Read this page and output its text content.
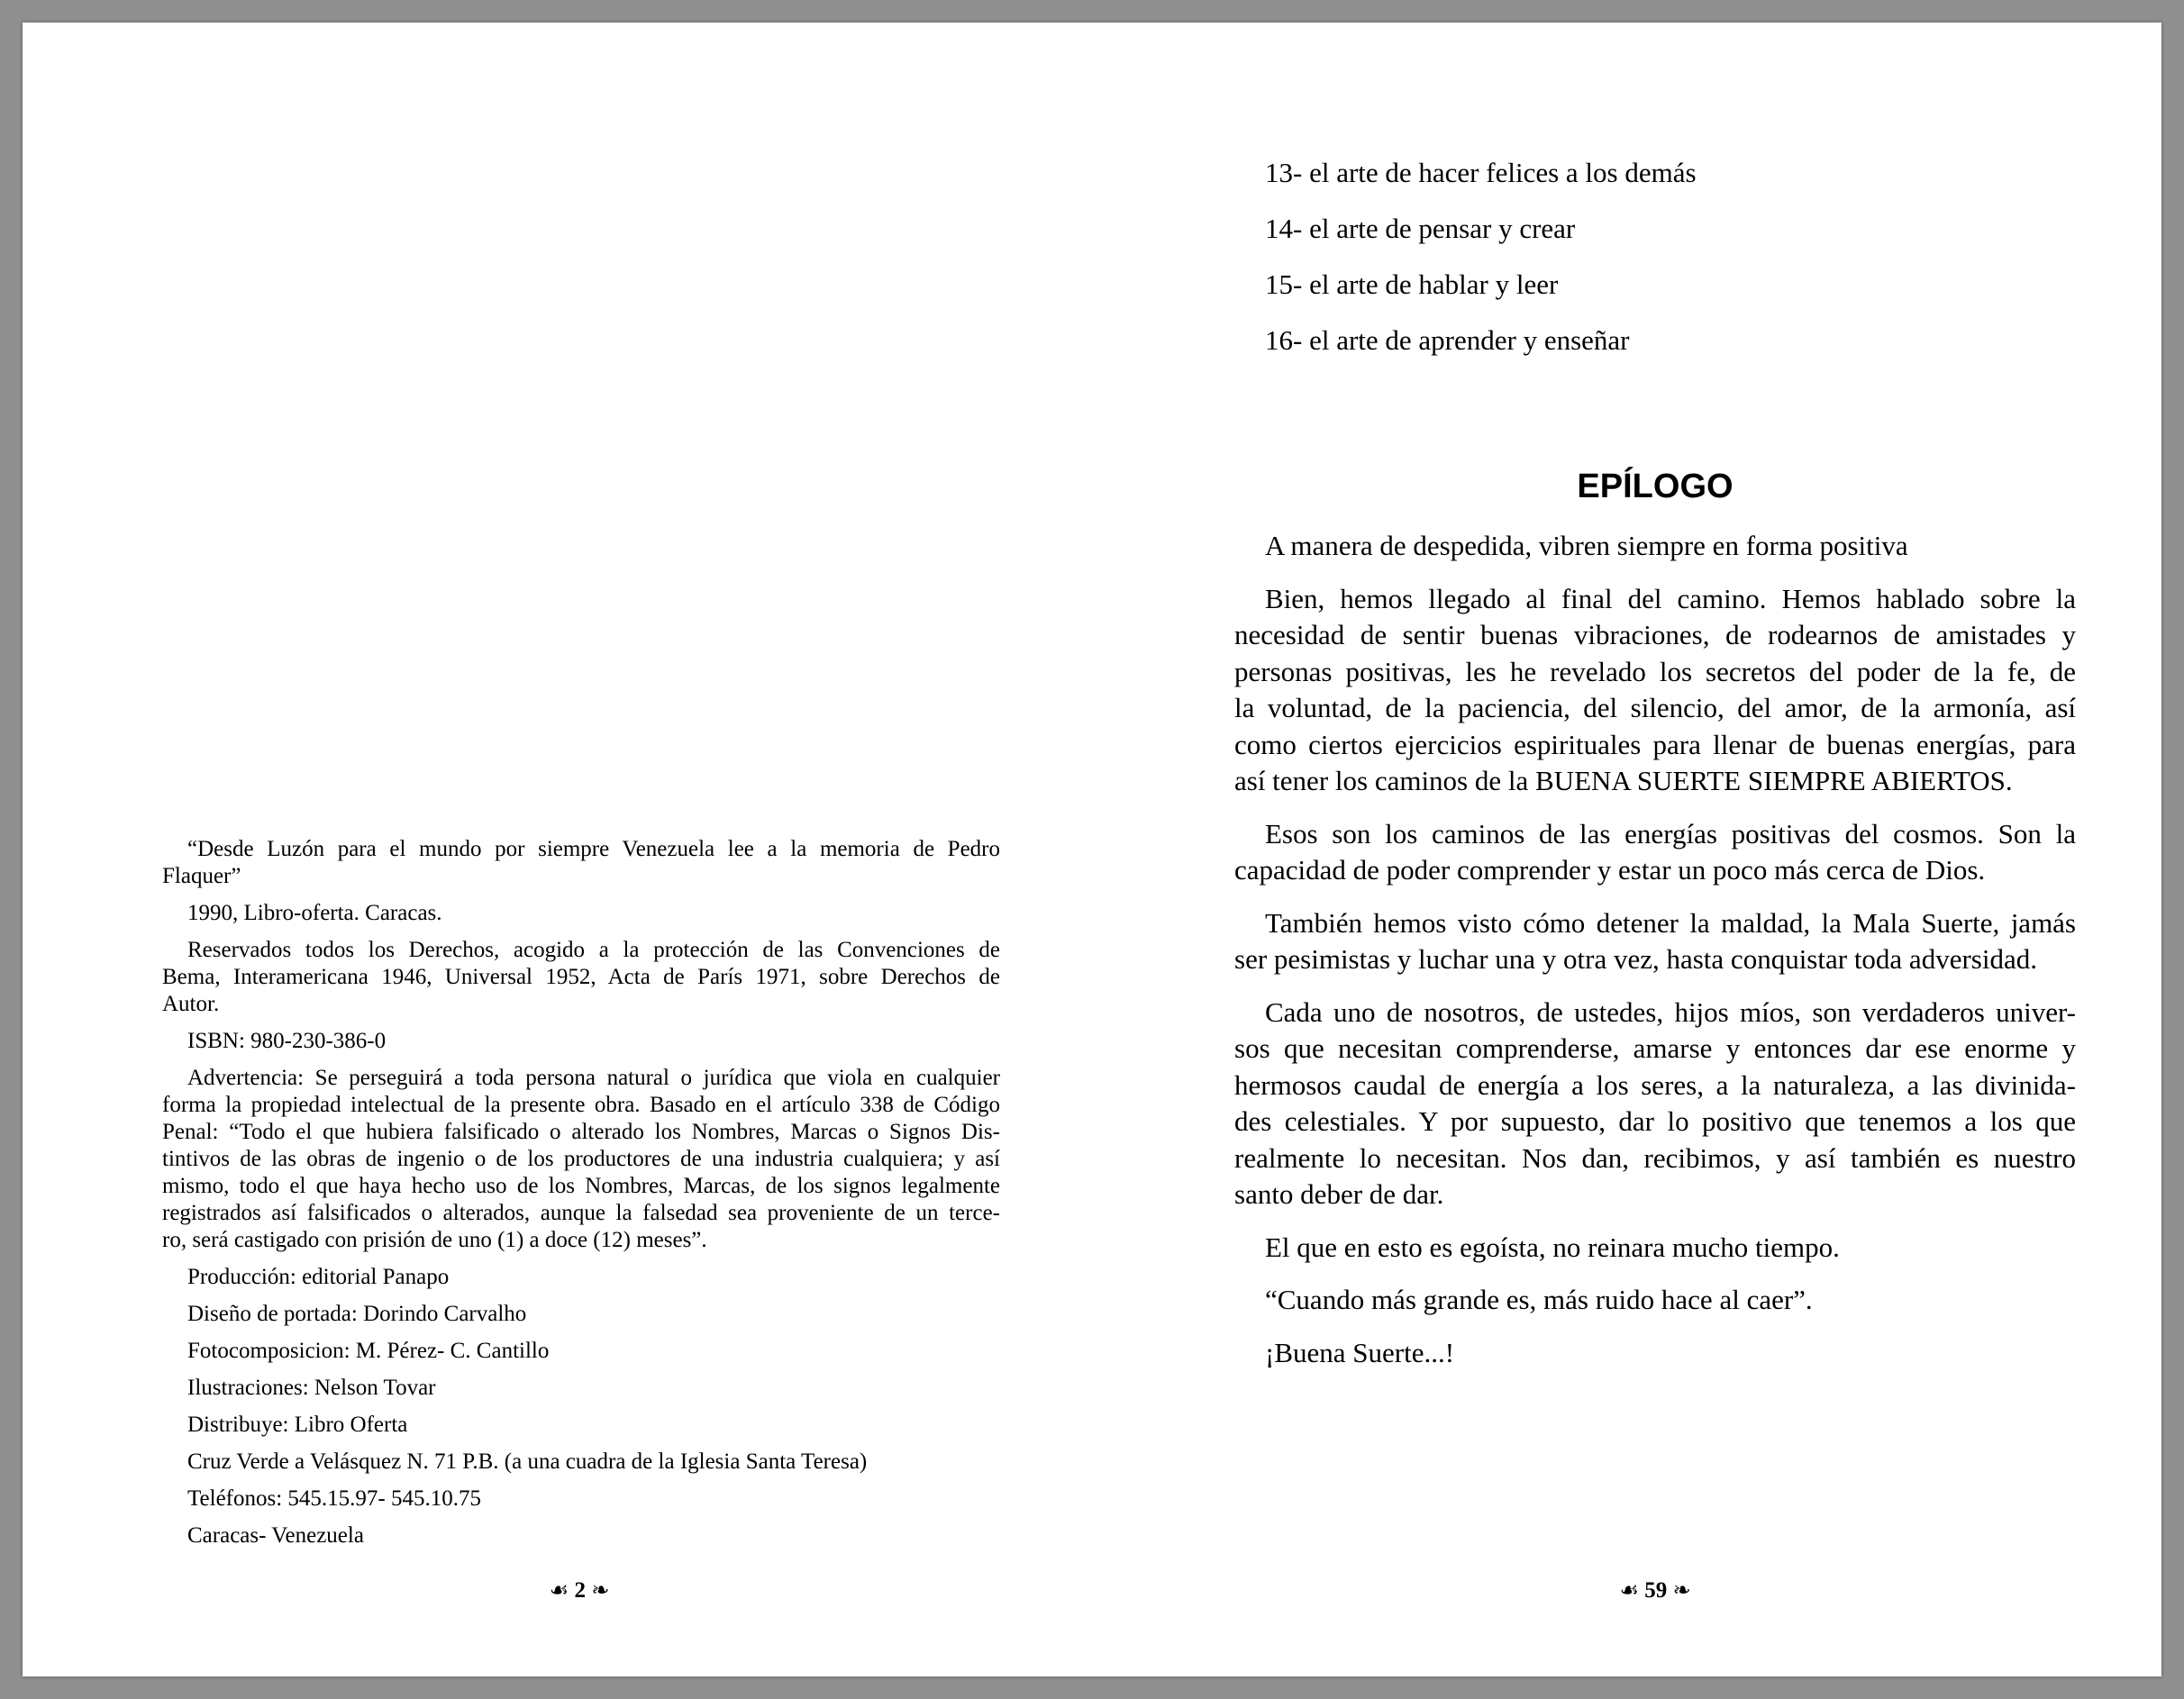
“Desde Luzón para el mundo por siempre Venezuela lee a la memoria de Pedro
Flaquer”
1990, Libro-oferta. Caracas.
Reservados todos los Derechos, acogido a la protección de las Convenciones de
Bema, Interamericana 1946, Universal 1952, Acta de París 1971, sobre Derechos de
Autor.
ISBN: 980-230-386-0
Advertencia: Se perseguirá a toda persona natural o jurídica que viola en cualquier
forma la propiedad intelectual de la presente obra. Basado en el artículo 338 de Código
Penal: “Todo el que hubiera falsificado o alterado los Nombres, Marcas o Signos Dis-
tintivos de las obras de ingenio o de los productores de una industria cualquiera; y así
mismo, todo el que haya hecho uso de los Nombres, Marcas, de los signos legalmente
registrados así falsificados o alterados, aunque la falsedad sea proveniente de un terce-
ro, será castigado con prisión de uno (1) a doce (12) meses”.
Producción: editorial Panapo
Diseño de portada: Dorindo Carvalho
Fotocomposicion: M. Pérez- C. Cantillo
Ilustraciones: Nelson Tovar
Distribuye: Libro Oferta
Cruz Verde a Velásquez N. 71 P.B. (a una cuadra de la Iglesia Santa Teresa)
Teléfonos: 545.15.97- 545.10.75
Caracas- Venezuela
☙ 2 ❧
13- el arte de hacer felices a los demás
14- el arte de pensar y crear
15- el arte de hablar y leer
16- el arte de aprender y enseñar
EPÍLOGO
A manera de despedida, vibren siempre en forma positiva
Bien, hemos llegado al final del camino. Hemos hablado sobre la
necesidad de sentir buenas vibraciones, de rodearnos de amistades y
personas positivas, les he revelado los secretos del poder de la fe, de
la voluntad, de la paciencia, del silencio, del amor, de la armonía, así
como ciertos ejercicios espirituales para llenar de buenas energías, para
así tener los caminos de la BUENA SUERTE SIEMPRE ABIERTOS.
Esos son los caminos de las energías positivas del cosmos. Son la
capacidad de poder comprender y estar un poco más cerca de Dios.
También hemos visto cómo detener la maldad, la Mala Suerte, jamás
ser pesimistas y luchar una y otra vez, hasta conquistar toda adversidad.
Cada uno de nosotros, de ustedes, hijos míos, son verdaderos univer-
sos que necesitan comprenderse, amarse y entonces dar ese enorme y
hermosos caudal de energía a los seres, a la naturaleza, a las divinida-
des celestiales. Y por supuesto, dar lo positivo que tenemos a los que
realmente lo necesitan. Nos dan, recibimos, y así también es nuestro
santo deber de dar.
El que en esto es egoísta, no reinara mucho tiempo.
“Cuando más grande es, más ruido hace al caer”.
¡Buena Suerte...!
☙ 59 ❧
